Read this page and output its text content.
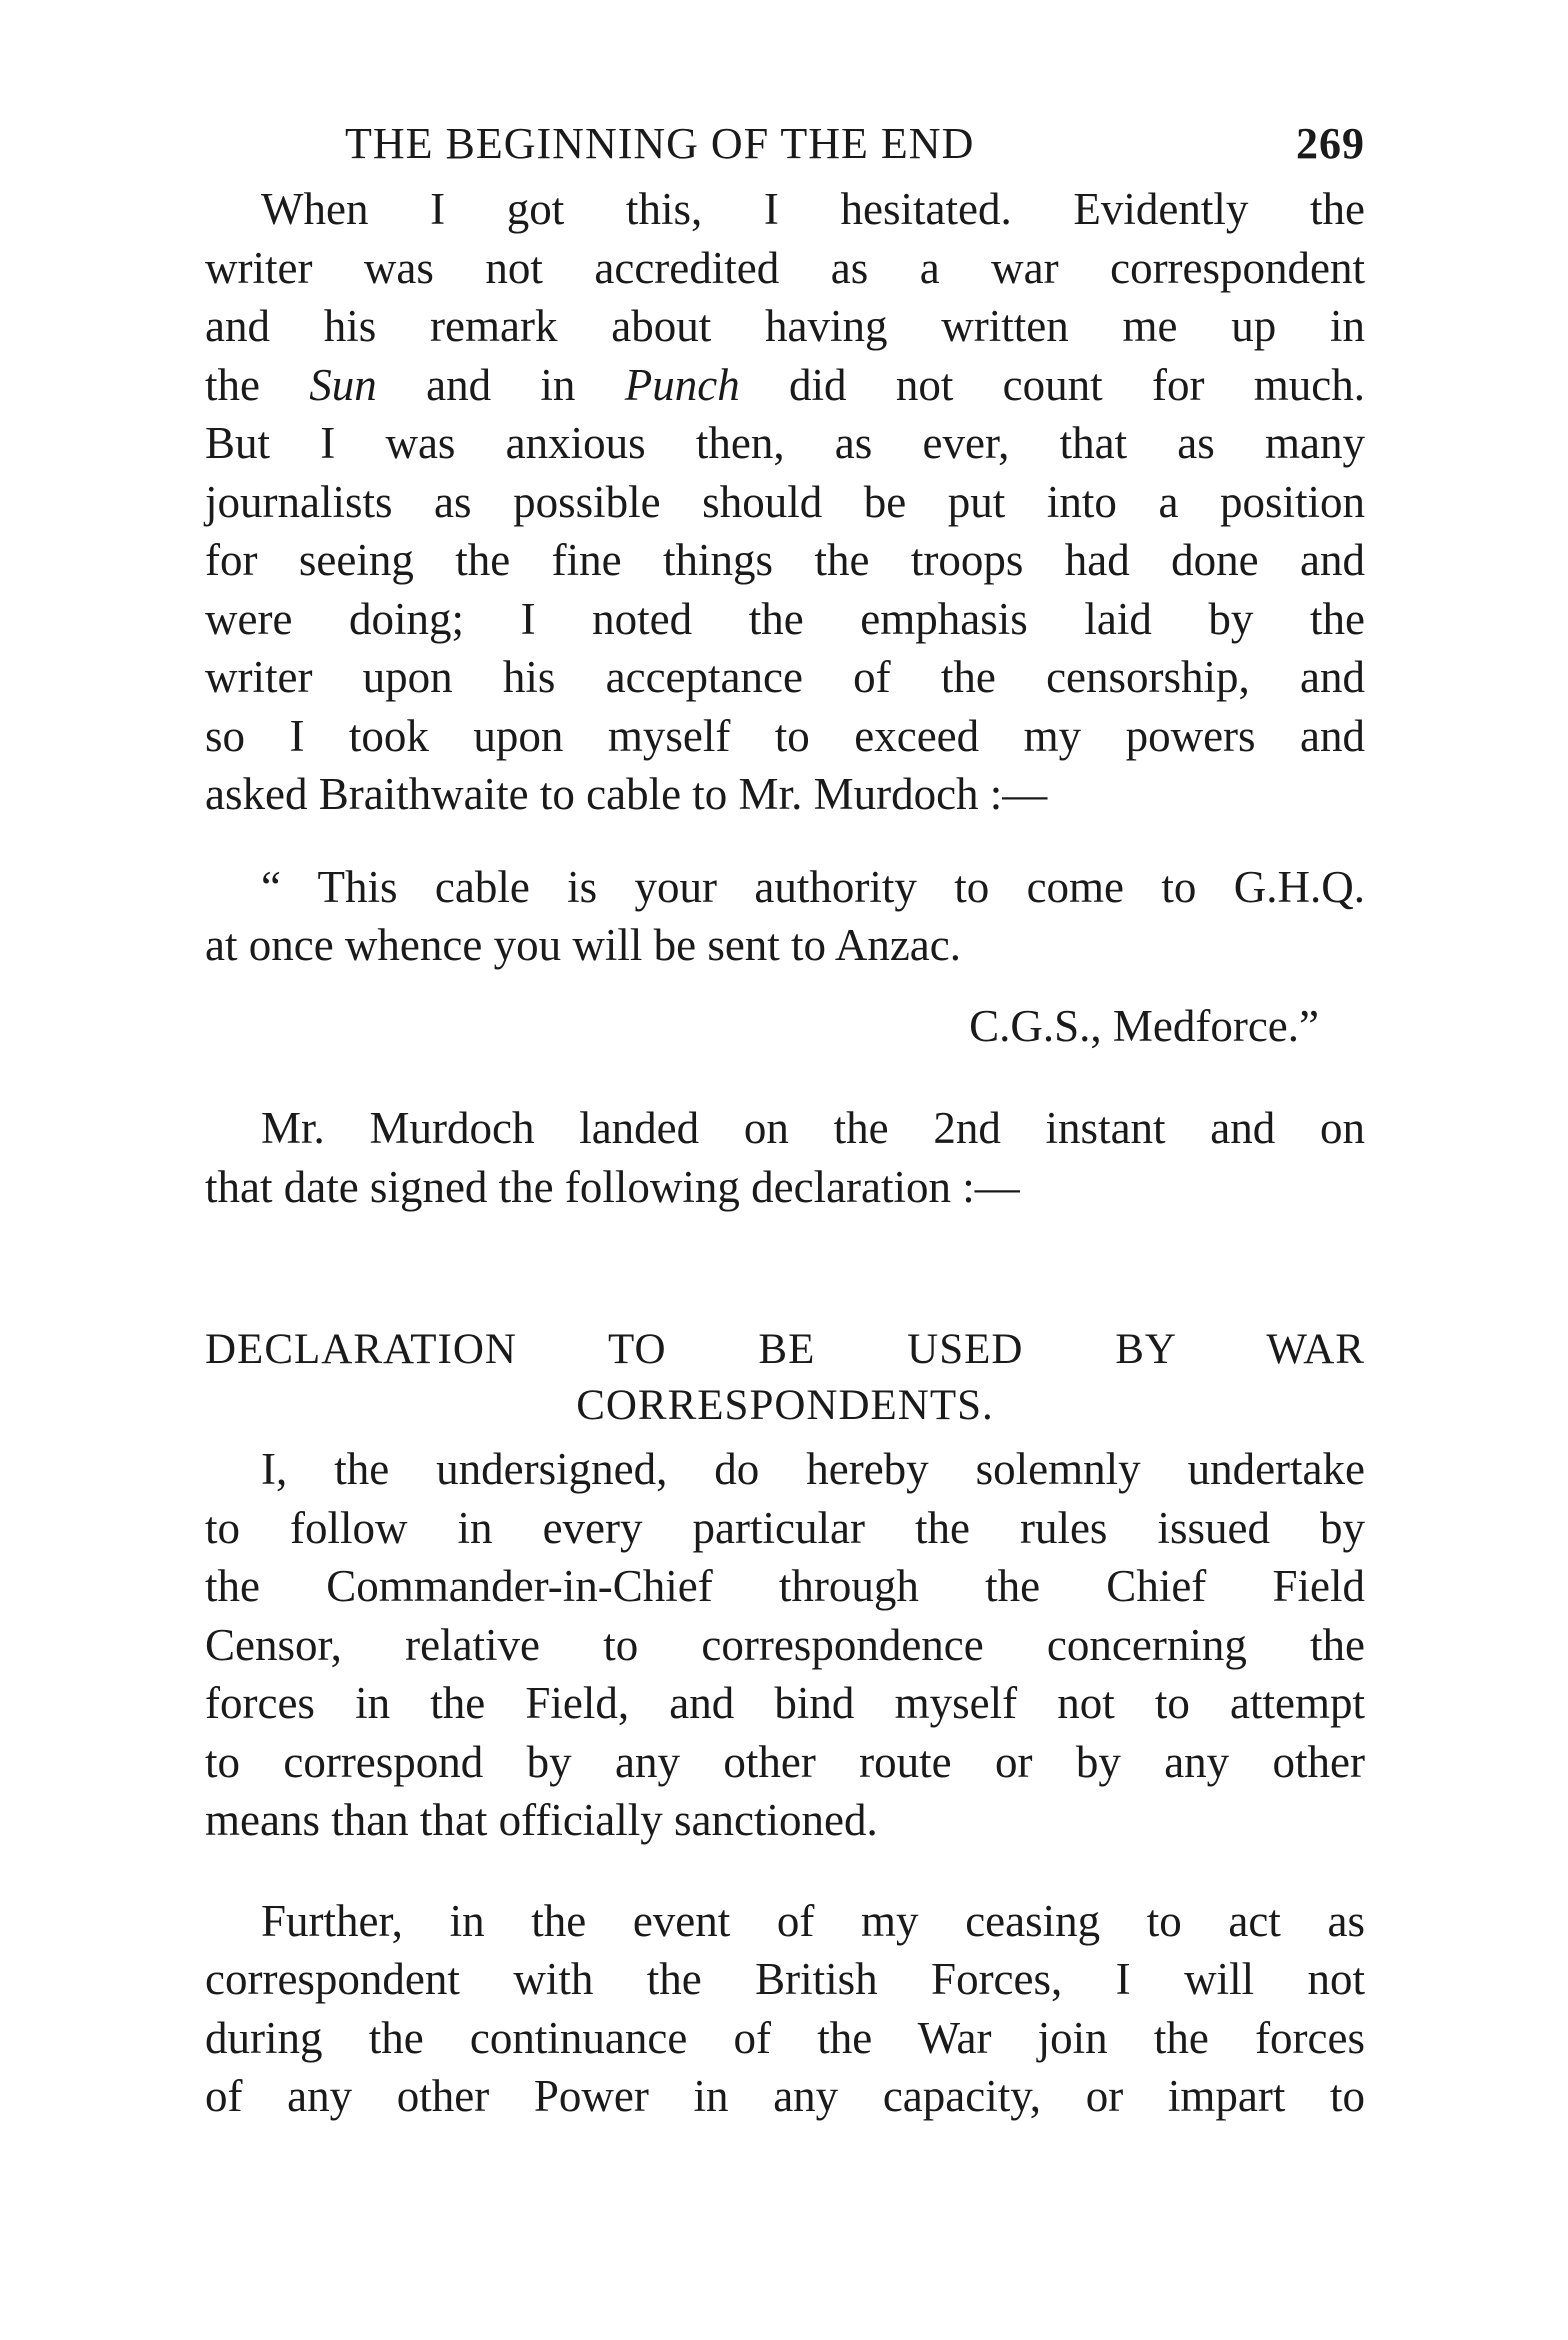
THE BEGINNING OF THE END	269
When I got this, I hesitated. Evidently the
writer was not accredited as a war correspondent
and his remark about having written me up in
the Sun and in Punch did not count for much.
But I was anxious then, as ever, that as many
journalists as possible should be put into a position
for seeing the fine things the troops had done and
were doing; I noted the emphasis laid by the
writer upon his acceptance of the censorship, and
so I took upon myself to exceed my powers and
asked Braithwaite to cable to Mr. Murdoch :—
“ This cable is your authority to come to G.H.Q.
at once whence you will be sent to Anzac.
C.G.S., Medforce.”
Mr. Murdoch landed on the 2nd instant and on
that date signed the following declaration :—
DECLARATION TO BE USED BY WAR
CORRESPONDENTS.
I, the undersigned, do hereby solemnly undertake
to follow in every particular the rules issued by
the Commander-in-Chief through the Chief Field
Censor, relative to correspondence concerning the
forces in the Field, and bind myself not to attempt
to correspond by any other route or by any other
means than that officially sanctioned.
Further, in the event of my ceasing to act as
correspondent with the British Forces, I will not
during the continuance of the War join the forces
of any other Power in any capacity, or impart to
